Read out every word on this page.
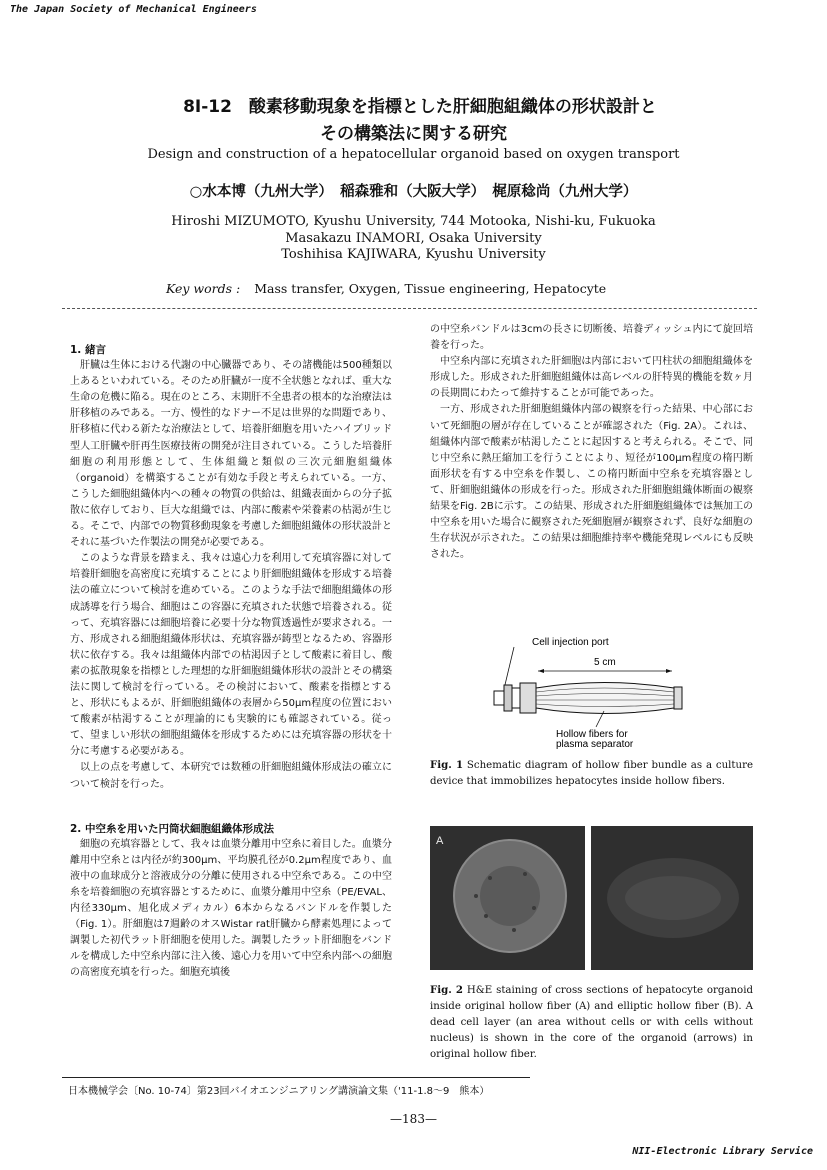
The Japan Society of Mechanical Engineers
8I-12　酸素移動現象を指標とした肝細胞組織体の形状設計と
その構築法に関する研究
Design and construction of a hepatocellular organoid based on oxygen transport
○水本博（九州大学）　稲森雅和（大阪大学）　梶原稔尚（九州大学）
Hiroshi MIZUMOTO, Kyushu University, 744 Motooka, Nishi-ku, Fukuoka
Masakazu INAMORI, Osaka University
Toshihisa KAJIWARA, Kyushu University
Key words : Mass transfer, Oxygen, Tissue engineering, Hepatocyte

1. 緒言

肝臓は生体における代謝の中心臓器であり、その諸機能は500種類以上あるといわれている。そのため肝臓が一度不全状態となれば、重大な生命の危機に陥る。現在のところ、末期肝不全患者の根本的な治療法は肝移植のみである。一方、慢性的なドナー不足は世界的な問題であり、肝移植に代わる新たな治療法として、培養肝細胞を用いたハイブリッド型人工肝臓や肝再生医療技術の開発が注目されている。こうした培養肝細胞の利用形態として、生体組織と類似の三次元細胞組織体（organoid）を構築することが有効な手段と考えられている。一方、こうした細胞組織体内への種々の物質の供給は、組織表面からの分子拡散に依存しており、巨大な組織では、内部に酸素や栄養素の枯渇が生じる。そこで、内部での物質移動現象を考慮した細胞組織体の形状設計とそれに基づいた作製法の開発が必要である。

このような背景を踏まえ、我々は遠心力を利用して充填容器に対して培養肝細胞を高密度に充填することにより肝細胞組織体を形成する培養法の確立について検討を進めている。このような手法で細胞組織体の形成誘導を行う場合、細胞はこの容器に充填された状態で培養される。従って、充填容器には細胞培養に必要十分な物質透過性が要求される。一方、形成される細胞組織体形状は、充填容器が鋳型となるため、容器形状に依存する。我々は組織体内部での枯渇因子として酸素に着目し、酸素の拡散現象を指標とした理想的な肝細胞組織体形状の設計とその構築法に関して検討を行っている。その検討において、酸素を指標とすると、形状にもよるが、肝細胞組織体の表層から50μm程度の位置において酸素が枯渇することが理論的にも実験的にも確認されている。従って、望ましい形状の細胞組織体を形成するためには充填容器の形状を十分に考慮する必要がある。

以上の点を考慮して、本研究では数種の肝細胞組織体形成法の確立について検討を行った。

2. 中空糸を用いた円筒状細胞組織体形成法

細胞の充填容器として、我々は血漿分離用中空糸に着目した。血漿分離用中空糸とは内径が約300μm、平均膜孔径が0.2μm程度であり、血液中の血球成分と溶液成分の分離に使用される中空糸である。この中空糸を培養細胞の充填容器とするために、血漿分離用中空糸（PE/EVAL、内径330μm、旭化成メディカル）6本からなるバンドルを作製した（Fig. 1）。肝細胞は7週齢のオスWistar rat肝臓から酵素処理によって調製した初代ラット肝細胞を使用した。調製したラット肝細胞をバンドルを構成した中空糸内部に注入後、遠心力を用いて中空糸内部への細胞の高密度充填を行った。細胞充填後

の中空糸バンドルは3cmの長さに切断後、培養ディッシュ内にて旋回培養を行った。

中空糸内部に充填された肝細胞は内部において円柱状の細胞組織体を形成した。形成された肝細胞組織体は高レベルの肝特異的機能を数ヶ月の長期間にわたって維持することが可能であった。

一方、形成された肝細胞組織体内部の観察を行った結果、中心部において死細胞の層が存在していることが確認された（Fig. 2A）。これは、組織体内部で酸素が枯渇したことに起因すると考えられる。そこで、同じ中空糸に熱圧縮加工を行うことにより、短径が100μm程度の楕円断面形状を有する中空糸を作製し、この楕円断面中空糸を充填容器として、肝細胞組織体の形成を行った。形成された肝細胞組織体断面の観察結果をFig. 2Bに示す。この結果、形成された肝細胞組織体では無加工の中空糸を用いた場合に観察された死細胞層が観察されず、良好な細胞の生存状況が示された。この結果は細胞維持率や機能発現レベルにも反映された。

Cell injection port
5 cm
Hollow fibers for
plasma separator
Fig. 1 Schematic diagram of hollow fiber bundle as a culture device that immobilizes hepatocytes inside hollow fibers.
A
Fig. 2 H&E staining of cross sections of hepatocyte organoid inside original hollow fiber (A) and elliptic hollow fiber (B). A dead cell layer (an area without cells or with cells without nucleus) is shown in the core of the organoid (arrows) in original hollow fiber.
日本機械学会〔No. 10-74〕第23回バイオエンジニアリング講演論文集（'11-1.8〜9　熊本）
—183—
NII-Electronic Library Service
